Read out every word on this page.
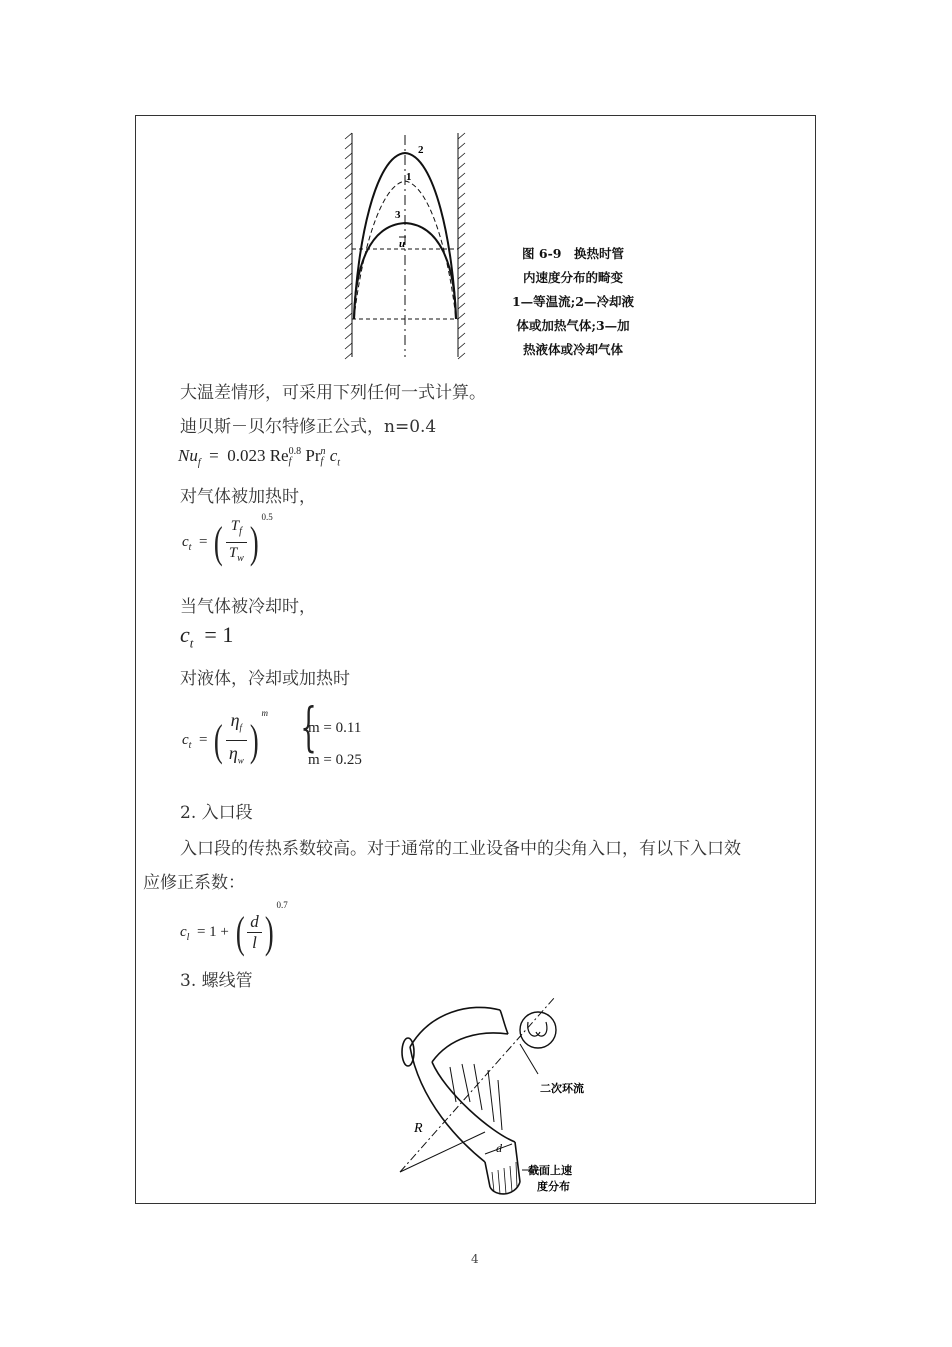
2
1
3
u
图 6-9　换热时管
内速度分布的畸变
1—等温流;2—冷却液
体或加热气体;3—加
热液体或冷却气体
大温差情形，可采用下列任何一式计算。
迪贝斯－贝尔特修正公式，n=0.4
$Nu_f = 0.023$ Re 0.8
f Pr n
f $c_t$
对气体被加热时，
$c_t$ = ( $\frac{T_f}{T_w} )^{0.5}$
当气体被冷却时，
$c_t = 1$
对液体，冷却或加热时
$c_t$ = ( $\frac{\eta_f}{\eta_w} )^m$ {
m = 0.11
m = 0.25
2. 入口段
入口段的传热系数较高。对于通常的工业设备中的尖角入口，有以下入口效
应修正系数：
$c_l = 1$ + ( $\frac{d}{l} )^{0.7}$
3. 螺线管
R
d
二次环流
截面上速
度分布
4
